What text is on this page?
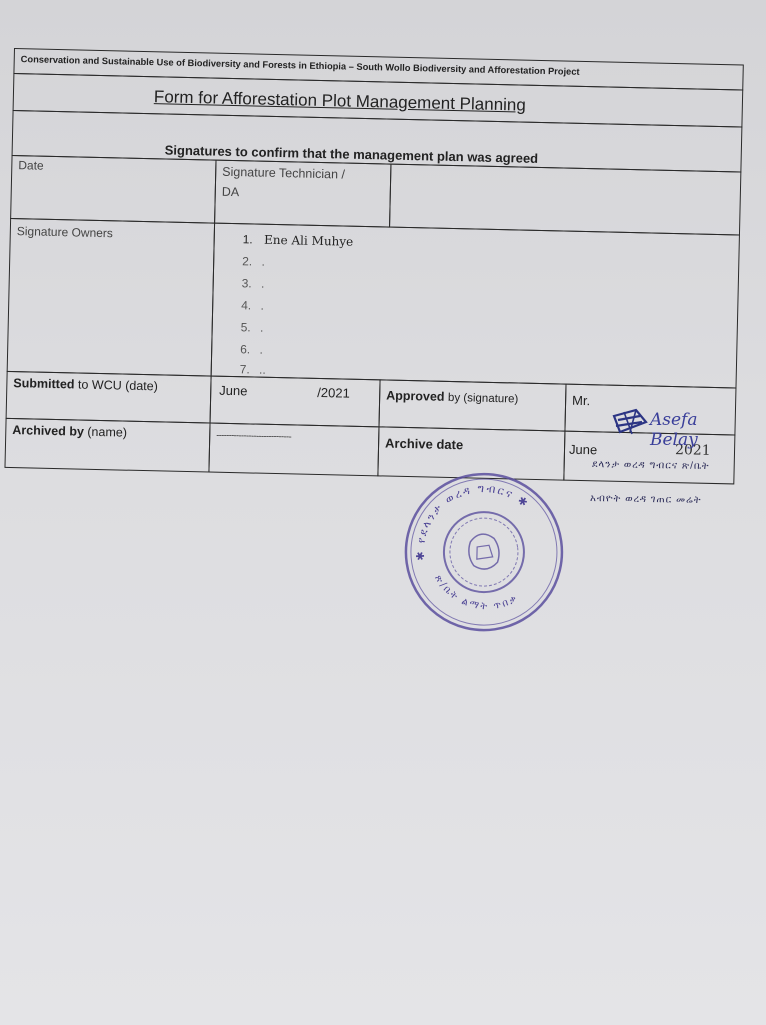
Conservation and Sustainable Use of Biodiversity and Forests in Ethiopia – South Wollo Biodiversity and Afforestation Project
Form for Afforestation Plot Management Planning
Signatures to confirm that the management plan was agreed
Date	Signature Technician /
DA
Signature Owners	1. Ene Ali Muhye
2. .
3. .
4. .
5. .
6. .
7. ..
Submitted to WCU (date)	June	/2021	Approved by (signature)	Mr.
Archived by (name)	------------------------------	Archive date	June	2021
Asefa Belay
ደላንታ ወረዳ ግብርና ጽ/ቤት
አብዮት ወረዳ ገጠር መሬት
✱ የደላንታ ወረዳ ግብርና ✱
ጽ/ቤት ልማት ጥበቃ
